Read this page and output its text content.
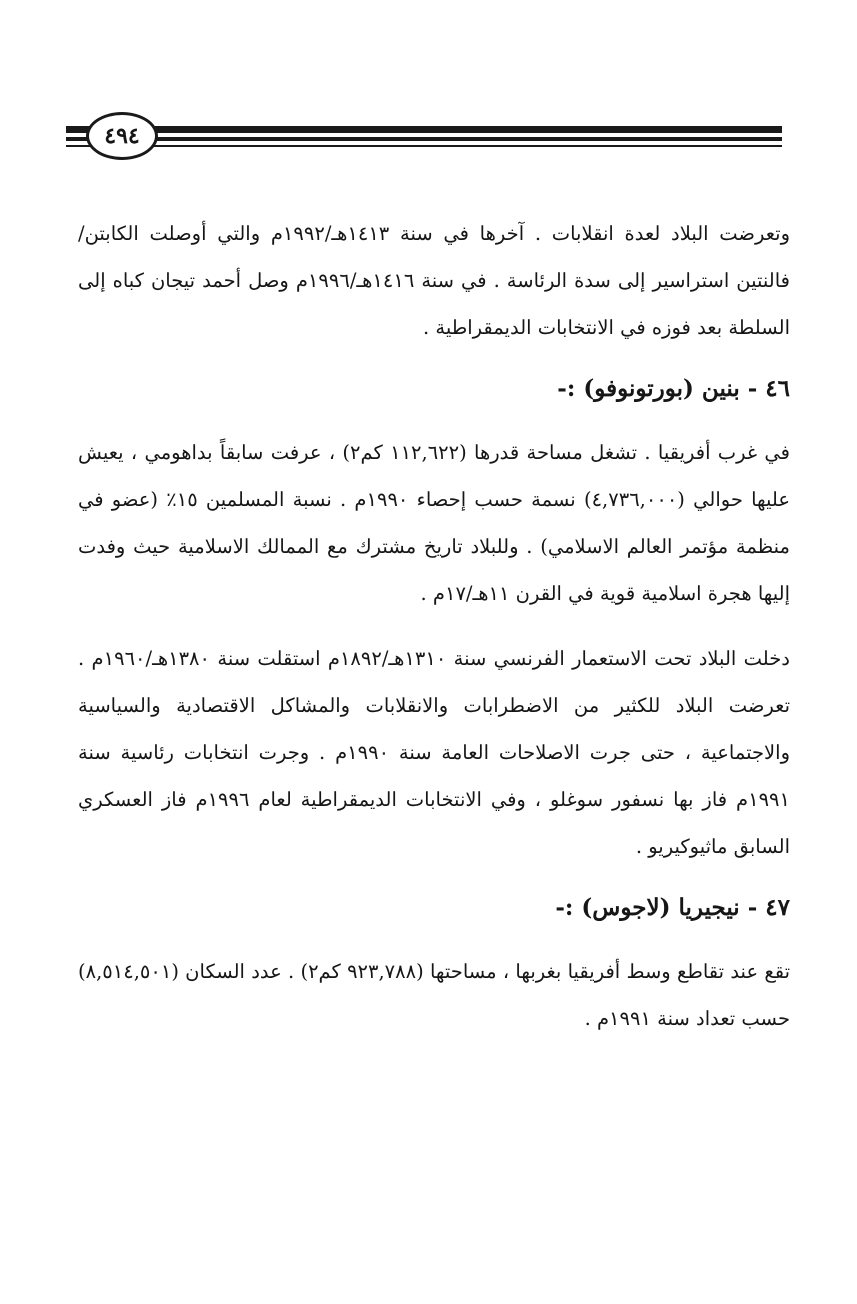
٤٩٤

وتعرضت البلاد لعدة انقلابات . آخرها في سنة ١٤١٣هـ/١٩٩٢م والتي أوصلت الكابتن/فالنتين استراسير إلى سدة الرئاسة . في سنة ١٤١٦هـ/١٩٩٦م وصل أحمد تيجان كباه إلى السلطة بعد فوزه في الانتخابات الديمقراطية .

٤٦ - بنين (بورتونوفو) :-

في غرب أفريقيا . تشغل مساحة قدرها (١١٢,٦٢٢ كم٢) ، عرفت سابقاً بداهومي ، يعيش عليها حوالي (٤,٧٣٦,٠٠٠) نسمة حسب إحصاء ١٩٩٠م . نسبة المسلمين ١٥٪ (عضو في منظمة مؤتمر العالم الاسلامي) . وللبلاد تاريخ مشترك مع الممالك الاسلامية حيث وفدت إليها هجرة اسلامية قوية في القرن ١١هـ/١٧م .

دخلت البلاد تحت الاستعمار الفرنسي سنة ١٣١٠هـ/١٨٩٢م استقلت سنة ١٣٨٠هـ/١٩٦٠م . تعرضت البلاد للكثير من الاضطرابات والانقلابات والمشاكل الاقتصادية والسياسية والاجتماعية ، حتى جرت الاصلاحات العامة سنة ١٩٩٠م . وجرت انتخابات رئاسية سنة ١٩٩١م فاز بها نسفور سوغلو ، وفي الانتخابات الديمقراطية لعام ١٩٩٦م فاز العسكري السابق ماثيوكيريو .

٤٧ - نيجيريا (لاجوس) :-

تقع عند تقاطع وسط أفريقيا بغربها ، مساحتها (٩٢٣,٧٨٨ كم٢) . عدد السكان (٨,٥١٤,٥٠١) حسب تعداد سنة ١٩٩١م .
